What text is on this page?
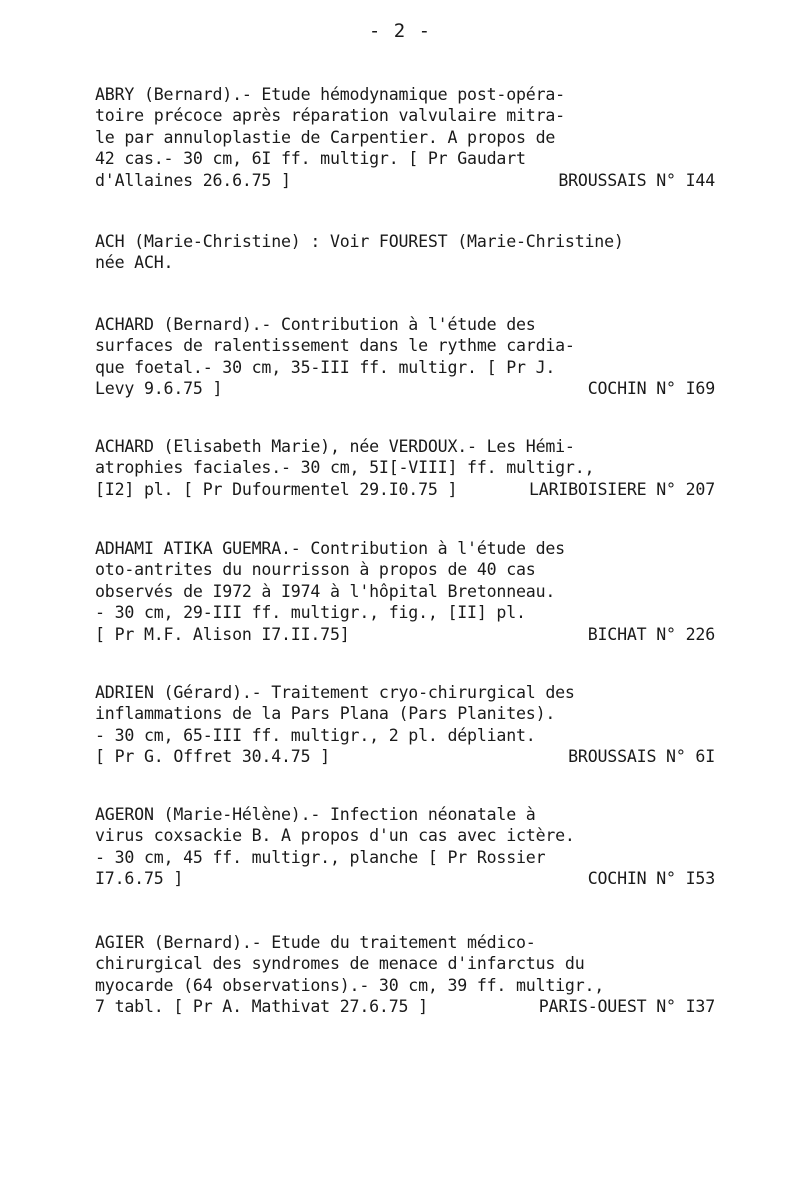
- 2 -
ABRY (Bernard).- Etude hémodynamique post-opéra-
toire précoce après réparation valvulaire mitra-
le par annuloplastie de Carpentier. A propos de
42 cas.- 30 cm, 6I ff. multigr. [ Pr Gaudart
d'Allaines 26.6.75 ]	BROUSSAIS N° I44
ACH (Marie-Christine) : Voir FOUREST (Marie-Christine)
née ACH.
ACHARD (Bernard).- Contribution à l'étude des
surfaces de ralentissement dans le rythme cardia-
que foetal.- 30 cm, 35-III ff. multigr. [ Pr J.
Levy 9.6.75 ]	COCHIN N° I69
ACHARD (Elisabeth Marie), née VERDOUX.- Les Hémi-
atrophies faciales.- 30 cm, 5I[-VIII] ff. multigr.,
[I2] pl. [ Pr Dufourmentel 29.I0.75 ]	LARIBOISIERE N° 207
ADHAMI ATIKA GUEMRA.- Contribution à l'étude des
oto-antrites du nourrisson à propos de 40 cas
observés de I972 à I974 à l'hôpital Bretonneau.
- 30 cm, 29-III ff. multigr., fig., [II] pl.
[ Pr M.F. Alison I7.II.75]	BICHAT N° 226
ADRIEN (Gérard).- Traitement cryo-chirurgical des
inflammations de la Pars Plana (Pars Planites).
- 30 cm, 65-III ff. multigr., 2 pl. dépliant.
[ Pr G. Offret 30.4.75 ]	BROUSSAIS N° 6I
AGERON (Marie-Hélène).- Infection néonatale à
virus coxsackie B. A propos d'un cas avec ictère.
- 30 cm, 45 ff. multigr., planche [ Pr Rossier
I7.6.75 ]	COCHIN N° I53
AGIER (Bernard).- Etude du traitement médico-
chirurgical des syndromes de menace d'infarctus du
myocarde (64 observations).- 30 cm, 39 ff. multigr.,
7 tabl. [ Pr A. Mathivat 27.6.75 ]	PARIS-OUEST N° I37
